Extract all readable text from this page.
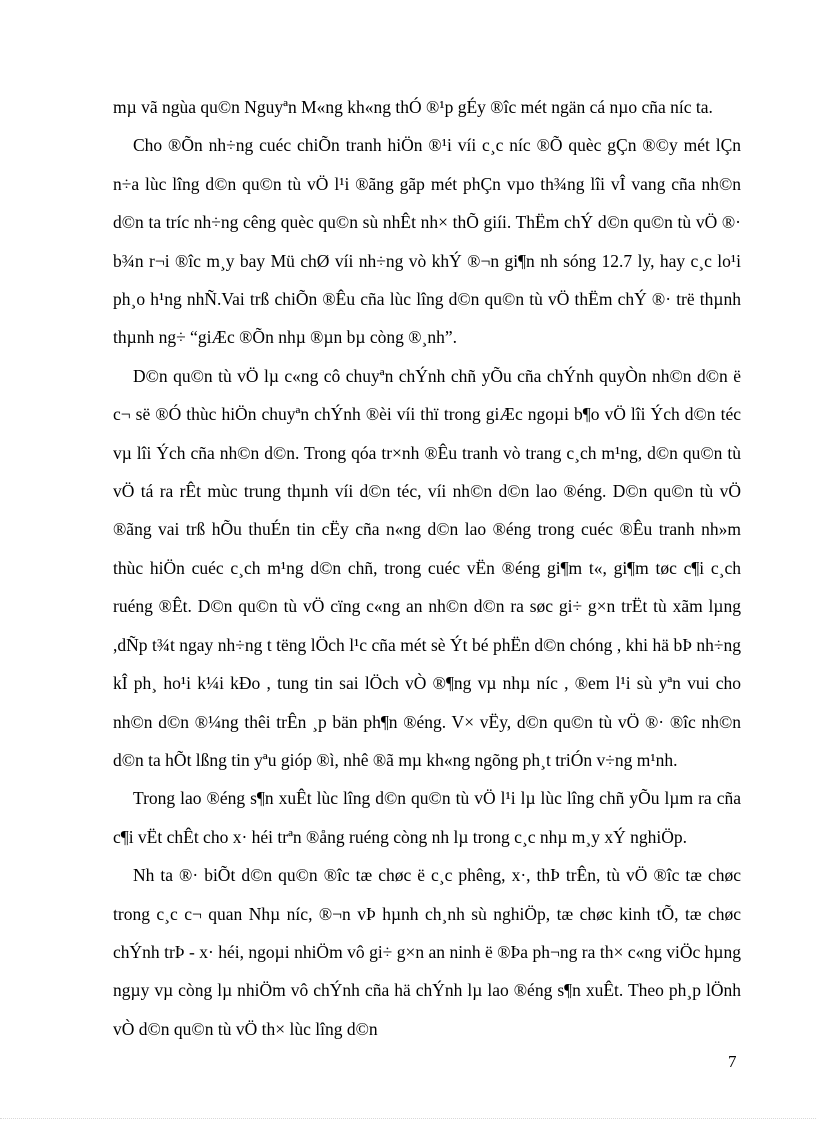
mµ vã ngùa qu©n Nguyªn M«ng kh«ng thÓ ®¹p gÉy ®îc mét ngän cá nµo cña níc ta.

Cho ®Õn nh÷ng cuéc chiÕn tranh hiÖn ®¹i víi c¸c níc ®Õ quèc gÇn ®©y mét lÇn n÷a lùc lîng d©n qu©n tù vÖ l¹i ®ãng gãp mét phÇn vµo th¾ng lîi vÎ vang cña nh©n d©n ta tríc nh÷ng cêng quèc qu©n sù nhÊt nh× thÕ giíi. ThËm chÝ d©n qu©n tù vÖ ®· b¾n r¬i ®îc m¸y bay Mü chØ víi nh÷ng vò khÝ ®¬n gi¶n nh sóng 12.7 ly, hay c¸c lo¹i ph¸o h¹ng nhÑ.Vai trß chiÕn ®Êu cña lùc lîng d©n qu©n tù vÖ thËm chÝ ®· trë thµnh thµnh ng÷ “giÆc ®Õn nhµ ®µn bµ còng ®¸nh”.

D©n qu©n tù vÖ lµ c«ng cô chuyªn chÝnh chñ yÕu cña chÝnh quyÒn nh©n d©n ë c¬ së ®Ó thùc hiÖn chuyªn chÝnh ®èi víi thï trong giÆc ngoµi b¶o vÖ lîi Ých d©n téc vµ lîi Ých cña nh©n d©n. Trong qóa tr×nh ®Êu tranh vò trang c¸ch m¹ng, d©n qu©n tù vÖ tá ra rÊt mùc trung thµnh víi d©n téc, víi nh©n d©n lao ®éng. D©n qu©n tù vÖ ®ãng vai trß hÕu thuÉn tin cËy cña n«ng d©n lao ®éng trong cuéc ®Êu tranh nh»m thùc hiÖn cuéc c¸ch m¹ng d©n chñ, trong cuéc vËn ®éng gi¶m t«, gi¶m tøc c¶i c¸ch ruéng ®Êt. D©n qu©n tù vÖ cïng c«ng an nh©n d©n ra søc gi÷ g×n trËt tù xãm lµng ,dÑp t¾t ngay nh÷ng t tëng lÖch l¹c cña mét sè Ýt bé phËn d©n chóng , khi hä bÞ nh÷ng kÎ ph¸ ho¹i k¼i kÐo , tung tin sai lÖch vÒ ®¶ng vµ nhµ níc , ®em l¹i sù yªn vui cho nh©n d©n ®¼ng thêi trÊn ¸p bän ph¶n ®éng. V× vËy, d©n qu©n tù vÖ ®· ®îc nh©n d©n ta hÕt lßng tin yªu gióp ®ì, nhê ®ã mµ kh«ng ngõng ph¸t triÓn v÷ng m¹nh.

Trong lao ®éng s¶n xuÊt lùc lîng d©n qu©n tù vÖ l¹i lµ lùc lîng chñ yÕu lµm ra cña c¶i vËt chÊt cho x· héi trªn ®ång ruéng còng nh lµ trong c¸c nhµ m¸y xÝ nghiÖp.

Nh ta ®· biÕt d©n qu©n ®îc tæ chøc ë c¸c phêng, x·, thÞ trÊn, tù vÖ ®îc tæ chøc trong c¸c c¬ quan Nhµ níc, ®¬n vÞ hµnh ch¸nh sù nghiÖp, tæ chøc kinh tÕ, tæ chøc chÝnh trÞ - x· héi, ngoµi nhiÖm vô gi÷ g×n an ninh ë ®Þa ph¬ng ra th× c«ng viÖc hµng ngµy vµ còng lµ nhiÖm vô chÝnh cña hä chÝnh lµ lao ®éng s¶n xuÊt. Theo ph¸p lÖnh vÒ d©n qu©n tù vÖ th× lùc lîng d©n

7
